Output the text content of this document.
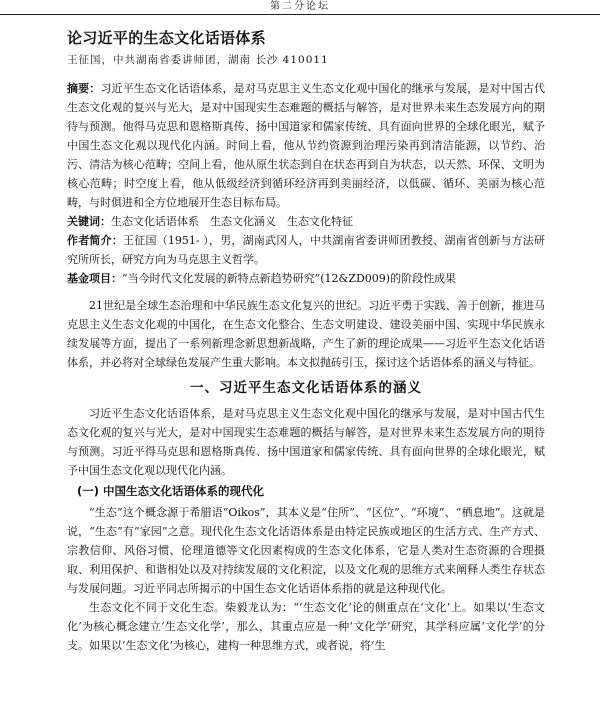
第二分论坛
论习近平的生态文化话语体系
王征国，中共湖南省委讲师团，湖南 长沙 410011

摘要：习近平生态文化话语体系，是对马克思主义生态文化观中国化的继承与发展，是对中国古代生态文化观的复兴与光大，是对中国现实生态难题的概括与解答，是对世界未来生态发展方向的期待与预测。他得马克思和恩格斯真传、扬中国道家和儒家传统、具有面向世界的全球化眼光，赋予中国生态文化观以现代化内涵。时间上看，他从节约资源到治理污染再到清洁能源，以节约、治污、清洁为核心范畴；空间上看，他从原生状态到自在状态再到自为状态，以天然、环保、文明为核心范畴；时空度上看，他从低级经济到循环经济再到美丽经济，以低碳、循环、美丽为核心范畴，与时俱进和全方位地展开生态目标布局。

关键词：生态文化话语体系　生态文化涵义　生态文化特征

作者简介：王征国（1951- ），男，湖南武冈人，中共湖南省委讲师团教授、湖南省创新与方法研究所所长，研究方向为马克思主义哲学。

基金项目：“当今时代文化发展的新特点新趋势研究”(12&ZD009)的阶段性成果

21世纪是全球生态治理和中华民族生态文化复兴的世纪。习近平勇于实践、善于创新，推进马克思主义生态文化观的中国化，在生态文化整合、生态文明建设、建设美丽中国、实现中华民族永续发展等方面，提出了一系列新理念新思想新战略，产生了新的理论成果——习近平生态文化话语体系，并必将对全球绿色发展产生重大影响。本文拟抛砖引玉，探讨这个话语体系的涵义与特征。

一、习近平生态文化话语体系的涵义

习近平生态文化话语体系，是对马克思主义生态文化观中国化的继承与发展，是对中国古代生态文化观的复兴与光大，是对中国现实生态难题的概括与解答，是对世界未来生态发展方向的期待与预测。习近平得马克思和恩格斯真传、扬中国道家和儒家传统、具有面向世界的全球化眼光，赋予中国生态文化观以现代化内涵。

(一) 中国生态文化话语体系的现代化

“生态”这个概念源于希腊语“Oikos”，其本义是“住所”、“区位”、“环境”、“栖息地”。这就是说，“生态”有“家园”之意。现代化生态文化话语体系是由特定民族或地区的生活方式、生产方式、宗教信仰、风俗习惯、伦理道德等文化因素构成的生态文化体系，它是人类对生态资源的合理摄取、利用保护、和谐相处以及对持续发展的文化积淀，以及文化观的思维方式来阐释人类生存状态与发展问题。习近平同志所揭示的中国生态文化话语体系指的就是这种现代化。

生态文化不同于文化生态。柴毅龙认为：“‘生态文化’论的侧重点在‘文化’上。如果以‘生态文化’为核心概念建立‘生态文化学’，那么，其重点应是一种‘文化学’研究，其学科应属‘文化学’的分支。如果以‘生态文化’为核心，建构一种思维方式，或者说，将‘生
